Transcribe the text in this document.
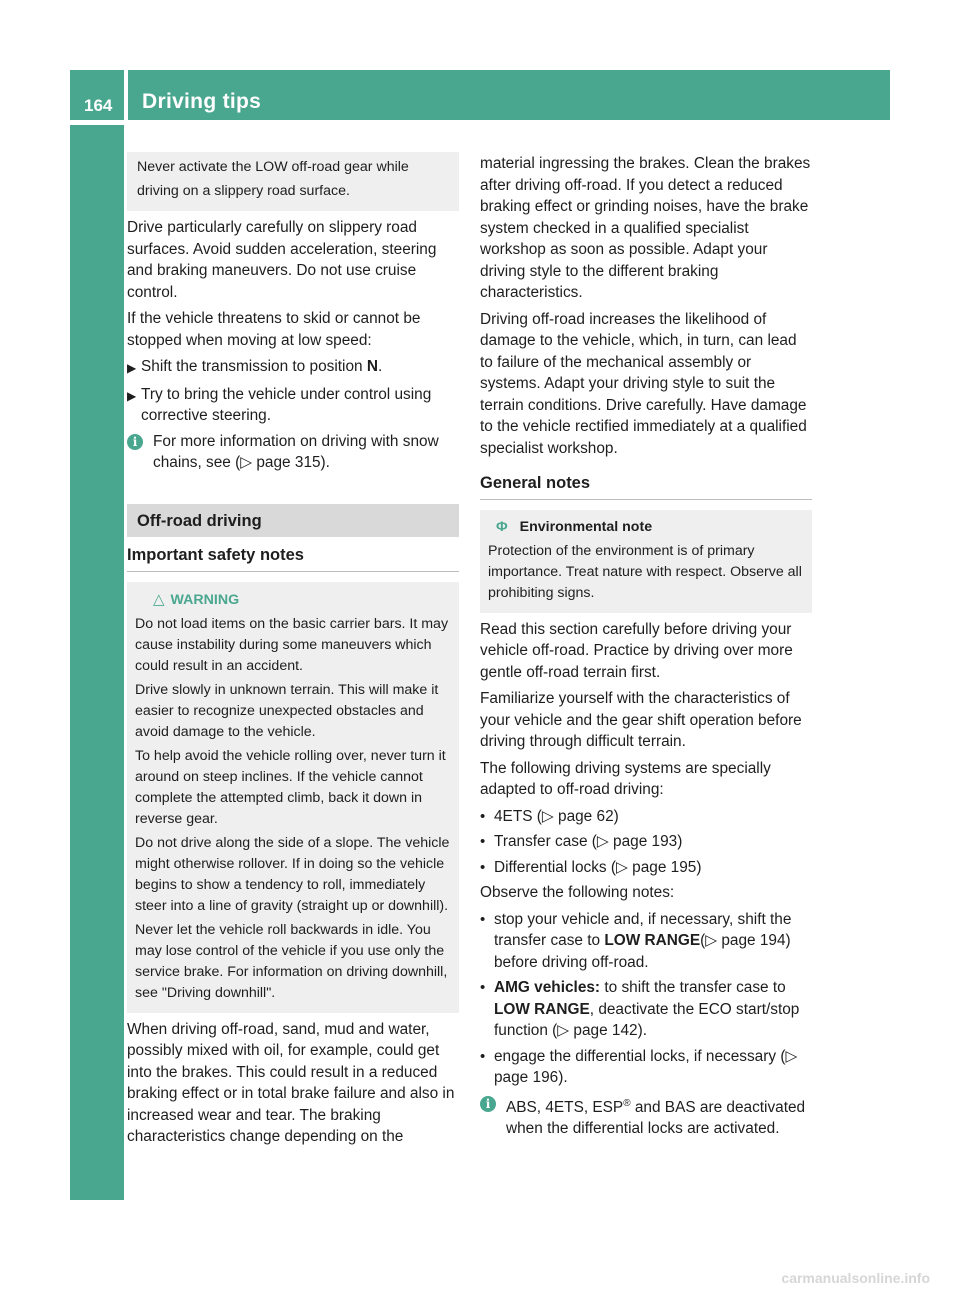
164 Driving tips
Driving and parking

Never activate the LOW off-road gear while

driving on a slippery road surface.

Drive particularly carefully on slippery road surfaces. Avoid sudden acceleration, steering and braking maneuvers. Do not use cruise control.

If the vehicle threatens to skid or cannot be stopped when moving at low speed:

▶ Shift the transmission to position N.
▶ Try to bring the vehicle under control using corrective steering.
i	For more information on driving with snow chains, see (▷ page 315).
Off-road driving
Important safety notes
△ WARNING

Do not load items on the basic carrier bars. It may cause instability during some maneuvers which could result in an accident.

Drive slowly in unknown terrain. This will make it easier to recognize unexpected obstacles and avoid damage to the vehicle.

To help avoid the vehicle rolling over, never turn it around on steep inclines. If the vehicle cannot complete the attempted climb, back it down in reverse gear.

Do not drive along the side of a slope. The vehicle might otherwise rollover. If in doing so the vehicle begins to show a tendency to roll, immediately steer into a line of gravity (straight up or downhill).

Never let the vehicle roll backwards in idle. You may lose control of the vehicle if you use only the service brake. For information on driving downhill, see "Driving downhill".

When driving off-road, sand, mud and water, possibly mixed with oil, for example, could get into the brakes. This could result in a reduced braking effect or in total brake failure and also in increased wear and tear. The braking characteristics change depending on the

material ingressing the brakes. Clean the brakes after driving off-road. If you detect a reduced braking effect or grinding noises, have the brake system checked in a qualified specialist workshop as soon as possible. Adapt your driving style to the different braking characteristics.

Driving off-road increases the likelihood of damage to the vehicle, which, in turn, can lead to failure of the mechanical assembly or systems. Adapt your driving style to suit the terrain conditions. Drive carefully. Have damage to the vehicle rectified immediately at a qualified specialist workshop.

General notes
Φ Environmental note

Protection of the environment is of primary importance. Treat nature with respect. Observe all prohibiting signs.

Read this section carefully before driving your vehicle off-road. Practice by driving over more gentle off-road terrain first.

Familiarize yourself with the characteristics of your vehicle and the gear shift operation before driving through difficult terrain.

The following driving systems are specially adapted to off-road driving:

• 4ETS (▷ page 62)
• Transfer case (▷ page 193)
• Differential locks (▷ page 195)

Observe the following notes:

• stop your vehicle and, if necessary, shift the transfer case to LOW RANGE(▷ page 194) before driving off-road.
• AMG vehicles: to shift the transfer case to LOW RANGE, deactivate the ECO start/stop function (▷ page 142).
• engage the differential locks, if necessary (▷ page 196).
i	ABS, 4ETS, ESP® and BAS are deactivated when the differential locks are activated.
carmanualsonline.info
